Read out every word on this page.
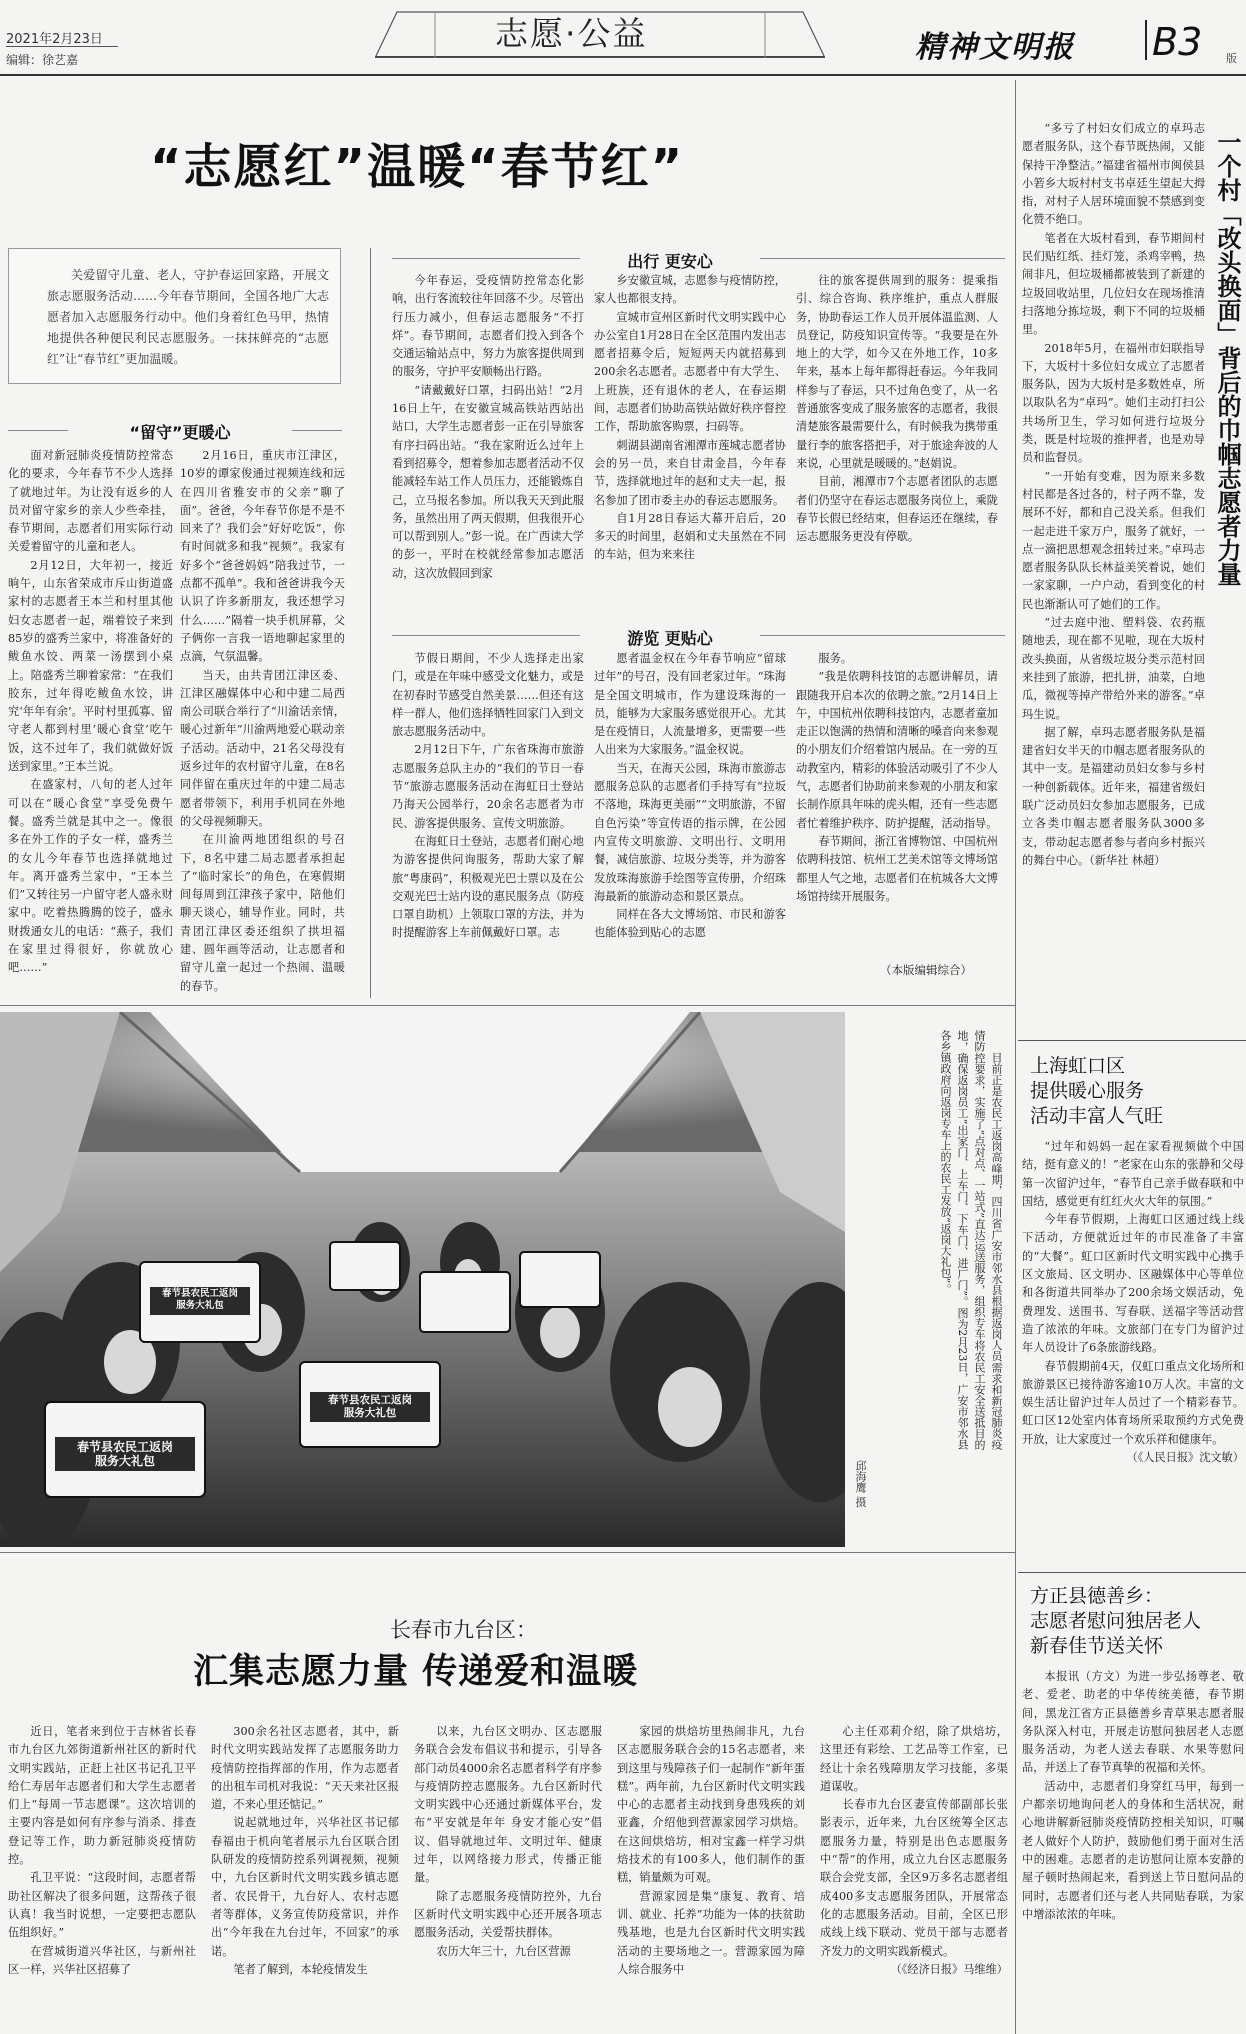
2021年2月23日
编辑：徐艺嘉
志愿·公益	精神文明报 B3 版
“志愿红”温暖“春节红”
关爱留守儿童、老人，守护春运回家路，开展文旅志愿服务活动……今年春节期间，全国各地广大志愿者加入志愿服务行动中。他们身着红色马甲，热情地提供各种便民利民志愿服务。一抹抹鲜亮的“志愿红”让“春节红”更加温暖。
“留守”更暖心
出行 更安心
游览 更贴心

面对新冠肺炎疫情防控常态化的要求，今年春节不少人选择了就地过年。为让没有返乡的人员对留守家乡的亲人少些牵挂，春节期间，志愿者们用实际行动关爱着留守的儿童和老人。

2月12日，大年初一，接近晌午，山东省荣成市斥山街道盛家村的志愿者王本兰和村里其他妇女志愿者一起，端着饺子来到85岁的盛秀兰家中，将准备好的鲅鱼水饺、两菜一汤摆到小桌上。陪盛秀兰聊着家常：“在我们胶东，过年得吃鲅鱼水饺，讲究‘年年有余’。平时村里孤寡、留守老人都到村里‘暖心食堂’吃午饭，这不过年了，我们就做好饭送到家里。”王本兰说。

在盛家村，八旬的老人过年可以在“暖心食堂”享受免费午餐。盛秀兰就是其中之一。像很多在外工作的子女一样，盛秀兰的女儿今年春节也选择就地过年。离开盛秀兰家中，“王本兰们”又转往另一户留守老人盛永财家中。吃着热腾腾的饺子，盛永财拨通女儿的电话：“燕子，我们在家里过得很好，你就放心吧……”

2月16日，重庆市江津区，10岁的谭家俊通过视频连线和远在四川省雅安市的父亲“聊了面”。爸爸，今年春节你是不是不回来了？我们会“好好吃饭”，你有时间就多和我“视频”。我家有好多个“爸爸妈妈”陪我过节，一点都不孤单”。我和爸爸讲我今天认识了许多新朋友，我还想学习什么……”隔着一块手机屏幕，父子俩你一言我一语地聊起家里的点滴，气氛温馨。

当天，由共青团江津区委、江津区融媒体中心和中建二局西南公司联合举行了“川渝话亲情，暖心过新年”川渝两地爱心联动亲子活动。活动中，21名父母没有返乡过年的农村留守儿童，在8名同伴留在重庆过年的中建二局志愿者带领下，利用手机同在外地的父母视频聊天。

在川渝两地团组织的号召下，8名中建二局志愿者承担起了“临时家长”的角色，在寒假期间每周到江津孩子家中，陪他们聊天谈心，辅导作业。同时，共青团江津区委还组织了拱坦福建、圆年画等活动，让志愿者和留守儿童一起过一个热闹、温暖的春节。

今年春运，受疫情防控常态化影响，出行客流较往年回落不少。尽管出行压力减小，但春运志愿服务“不打烊”。春节期间，志愿者们投入到各个交通运输站点中，努力为旅客提供周到的服务，守护平安顺畅出行路。

“请戴戴好口罩，扫码出站！”2月16日上午，在安徽宣城高铁站西站出站口，大学生志愿者彭一正在引导旅客有序扫码出站。“我在家附近么过年上看到招募令，想着参加志愿者活动不仅能减轻车站工作人员压力，还能锻炼自己，立马报名参加。所以我天天到此服务，虽然出用了两天假期，但我很开心可以帮到别人。”彭一说。在广西读大学的彭一，平时在校就经常参加志愿活动，这次放假回到家

乡安徽宣城，志愿参与疫情防控，家人也都很支持。

宣城市宣州区新时代文明实践中心办公室自1月28日在全区范围内发出志愿者招募令后，短短两天内就招募到200余名志愿者。志愿者中有大学生、上班族，还有退休的老人，在春运期间，志愿者们协助高铁站做好秩序督控工作，帮助旅客购票，扫码等。

刺湖县湖南省湘潭市莲城志愿者协会的另一员，来自甘肃金昌，今年春节，选择就地过年的赵和丈夫一起，报名参加了团市委主办的春运志愿服务。

自1月28日春运大幕开启后，20多天的时间里，赵娟和丈夫虽然在不同的车站，但为来来往

往的旅客提供周到的服务：提乘指引、综合咨询、秩序维护，重点人群服务，协助春运工作人员开展体温监测、人员登记，防疫知识宣传等。“我要是在外地上的大学，如今又在外地工作，10多年来，基本上每年都得赶春运。今年我同样参与了春运，只不过角色变了，从一名普通旅客变成了服务旅客的志愿者，我很清楚旅客最需要什么，有时候我为携带重量行李的旅客搭把手，对于旅途奔波的人来说，心里就是暖暖的。”赵娟说。

目前，湘潭市7个志愿者团队的志愿者们仍坚守在春运志愿服务岗位上，乘陇春节长假已经结束，但春运还在继续，春运志愿服务更没有停歇。

节假日期间，不少人选择走出家门，或是在年味中感受文化魅力，或是在初春时节感受自然美景……但还有这样一群人，他们选择牺牲回家门入到文旅志愿服务活动中。

2月12日下午，广东省珠海市旅游志愿服务总队主办的“我们的节日一春节”旅游志愿服务活动在海虹日士登站乃海天公园举行，20余名志愿者为市民、游客提供服务、宣传文明旅游。

在海虹日士登站，志愿者们耐心地为游客提供问询服务，帮助大家了解旅“粤康码”，积极观光巴士票以及在公交观光巴士站内设的惠民服务点（防疫口罩自助机）上领取口罩的方法，并为时提醒游客上车前佩戴好口罩。志

愿者温金权在今年春节响应“留球过年”的号召，没有回老家过年。“珠海是全国文明城市，作为建设珠海的一员，能够为大家服务感觉很开心。尤其是在疫情日，人流量增多，更需要一些人出来为大家服务。”温金权说。

当天，在海天公园，珠海市旅游志愿服务总队的志愿者们手持写有“拉坂不落地，珠海更美丽”“文明旅游，不留自色污染”等宣传语的指示牌，在公园内宣传文明旅游、文明出行、文明用餐，减信旅游、垃圾分类等，并为游客发放珠海旅游手绘图等宣传册，介绍珠海最新的旅游动态和景区景点。

同样在各大文博场馆、市民和游客也能体验到贴心的志愿

服务。

“我是依聘科技馆的志愿讲解员，请跟随我开启本次的依聘之旅。”2月14日上午，中国杭州依聘科技馆内，志愿者童加走正以饱满的热情和清晰的嗓音向来参观的小朋友们介绍着馆内展品。在一旁的互动教室内，精彩的体验活动吸引了不少人气，志愿者们协助前来参观的小朋友和家长制作原具年味的虎头帽，还有一些志愿者忙着维护秩序、防护提醒，活动指导。

春节期间，浙江省博物馆、中国杭州依聘科技馆、杭州工艺美术馆等文博场馆都里人气之地，志愿者们在杭城各大文博场馆持续开展服务。

（本版编辑综合）
一个村「改头换面」背后的巾帼志愿者力量

“多亏了村妇女们成立的卓玛志愿者服务队，这个春节既热闹，又能保持干净整洁。”福建省福州市闽侯县小箬乡大坂村村支书卓廷生望起大拇指，对村子人居环境面貌不禁感到变化赞不绝口。

笔者在大坂村看到，春节期间村民们贴红纸、挂灯笼，杀鸡宰鸭，热闹非凡，但垃圾桶都被装到了新建的垃圾回收站里，几位妇女在现场推清扫落地分拣垃圾，剩下不同的垃圾桶里。

2018年5月，在福州市妇联指导下，大坂村十多位妇女成立了志愿者服务队，因为大坂村是多数姓卓，所以取队名为“卓玛”。她们主动打扫公共场所卫生，学习如何进行垃圾分类，既是村垃圾的推押者，也是劝导员和监督员。

“一开始有变难，因为原来多数村民都是各过各的，村子两不靠，发展环不好，都和自己没关系。但我们一起走进千家万户，服务了就好，一点一滴把思想观念扭转过来。”卓玛志愿者服务队队长林益美笑着说，她们一家家聊，一户户动，看到变化的村民也渐渐认可了她们的工作。

“过去庭中池、塑料袋、农药瓶随地丢，现在都不见啦，现在大坂村改头换面，从省级垃圾分类示范村回来挂到了旅游，把扎拼，油菜，白地瓜，微视等掉产带给外来的游客。”卓玛生说。

据了解，卓玛志愿者服务队是福建省妇女半天的巾帼志愿者服务队的其中一支。是福建动员妇女参与乡村一种创新载体。近年来，福建省级妇联广泛动员妇女参加志愿服务，已成立各类巾帼志愿者服务队3000多支，带动起志愿者参与者向乡村振兴的舞台中心。（新华社 林超）

上海虹口区
提供暖心服务
活动丰富人气旺

“过年和妈妈一起在家看视频做个中国结，挺有意义的！”老家在山东的张静和父母第一次留沪过年，“春节自己亲手做春联和中国结，感觉更有红红火火大年的氛围。”

今年春节假期，上海虹口区通过线上线下活动，方便就近过年的市民准备了丰富的“大餐”。虹口区新时代文明实践中心携手区文旅局、区文明办、区融媒体中心等单位和各街道共同举办了200余场文娱活动，免费理发、送围书、写春联、送福字等活动营造了浓浓的年味。文旅部门在专门为留沪过年人员设计了6条旅游线路。

春节假期前4天，仅虹口重点文化场所和旅游景区已接待游客逾10万人次。丰富的文娱生活让留沪过年人员过了一个精彩春节。虹口区12处室内体育场所采取预约方式免费开放，让大家度过一个欢乐祥和健康年。

（《人民日报》沈文敏）

方正县德善乡：
志愿者慰问独居老人
新春佳节送关怀

本报讯（方文）为进一步弘扬尊老、敬老、爱老、助老的中华传统美德，春节期间，黑龙江省方正县德善乡青草果志愿者服务队深入村屯，开展走访慰问独居老人志愿服务活动，为老人送去春联、水果等慰问品，并送上了春节真挚的祝福和关怀。

活动中，志愿者们身穿红马甲，每到一户都亲切地询问老人的身体和生活状况，耐心地讲解新冠肺炎疫情防控相关知识，叮嘱老人做好个人防护，鼓励他们勇于面对生活中的困难。志愿者的走访慰问让原本安静的屋子顿时热闹起来，看到送上节日慰问品的同时，志愿者们还与老人共同贴春联，为家中增添浓浓的年味。

春节县农民工返岗
服务大礼包
春节县农民工返岗
服务大礼包
春节县农民工返岗
服务大礼包	目前正是农民工返岗高峰期，四川省广安市邻水县根据返岗人员需求和新冠肺炎疫情防控要求，实施了“点对点、一站式”直达运送服务，组织专车将农民工安全送抵目的地，确保返岗员工“出家门、上车门、下车门、进厂门”。图为2月23日，广安市邻水县各乡镇政府向返岗专车上的农民工发放“返岗大礼包”。
邱海鹰 摄
长春市九台区：
汇集志愿力量 传递爱和温暖

近日，笔者来到位于吉林省长春市九台区九郊街道新州社区的新时代文明实践站，正赶上社区书记孔卫平给仁寿居年志愿者们和大学生志愿者们上“每周一节志愿课”。这次培训的主要内容是如何有序参与消杀、排查登记等工作，助力新冠肺炎疫情防控。

孔卫平说：“这段时间，志愿者帮助社区解决了很多问题，这帮孩子很认真！我当时说想，一定要把志愿队伍组织好。”

在营城街道兴华社区，与新州社区一样，兴华社区招募了

300余名社区志愿者，其中，新时代文明实践站发挥了志愿服务助力疫情防控指挥部的作用，作为志愿者的出租车司机对我说：“天天来社区报道，不来心里还惦记。”

说起就地过年，兴华社区书记郁春福由于机向笔者展示九台区联合团队研发的疫情防控系列调视频，视频中，九台区新时代文明实践乡镇志愿者、农民骨干，九台好人、农村志愿者等群体，义务宣传防疫常识，并作出“今年我在九台过年，不回家”的承诺。

笔者了解到，本轮疫情发生

以来，九台区文明办、区志愿服务联合会发布倡议书和提示，引导各部门动员4000余名志愿者科学有序参与疫情防控志愿服务。九台区新时代文明实践中心还通过新媒体平台，发布“平安就是年年 身安才能心安”倡议、倡导就地过年、文明过年、健康过年，以网络接力形式，传播正能量。

除了志愿服务疫情防控外，九台区新时代文明实践中心还开展各项志愿服务活动，关爱帮扶群体。

农历大年三十，九台区营源

家园的烘焙坊里热闹非凡，九台区志愿服务联合会的15名志愿者，来到这里与残障孩子们一起制作“新年蛋糕”。两年前，九台区新时代文明实践中心的志愿者主动找到身患残疾的刘亚鑫，介绍他到营源家园学习烘焙。在这间烘焙坊，相对宝鑫一样学习烘焙技术的有100多人，他们制作的蛋糕，销量颇为可观。

营源家园是集“康复、教育、培训、就业、托养”功能为一体的扶贫助残基地，也是九台区新时代文明实践活动的主要场地之一。营源家园为障人综合服务中

心主任邓莉介绍，除了烘焙坊，这里还有彩绘、工艺品等工作室，已经让十余名残障朋友学习技能，多渠道谋收。

长春市九台区妻宣传部副部长张影表示，近年来，九台区统筹全区志愿服务力量，特别是出色志愿服务中“帮”的作用，成立九台区志愿服务联合会党支部，全区9万多名志愿者组成400多支志愿服务团队，开展常态化的志愿服务活动。目前，全区已形成线上线下联动、党员干部与志愿者齐发力的文明实践新模式。

（《经济日报》马维维）
